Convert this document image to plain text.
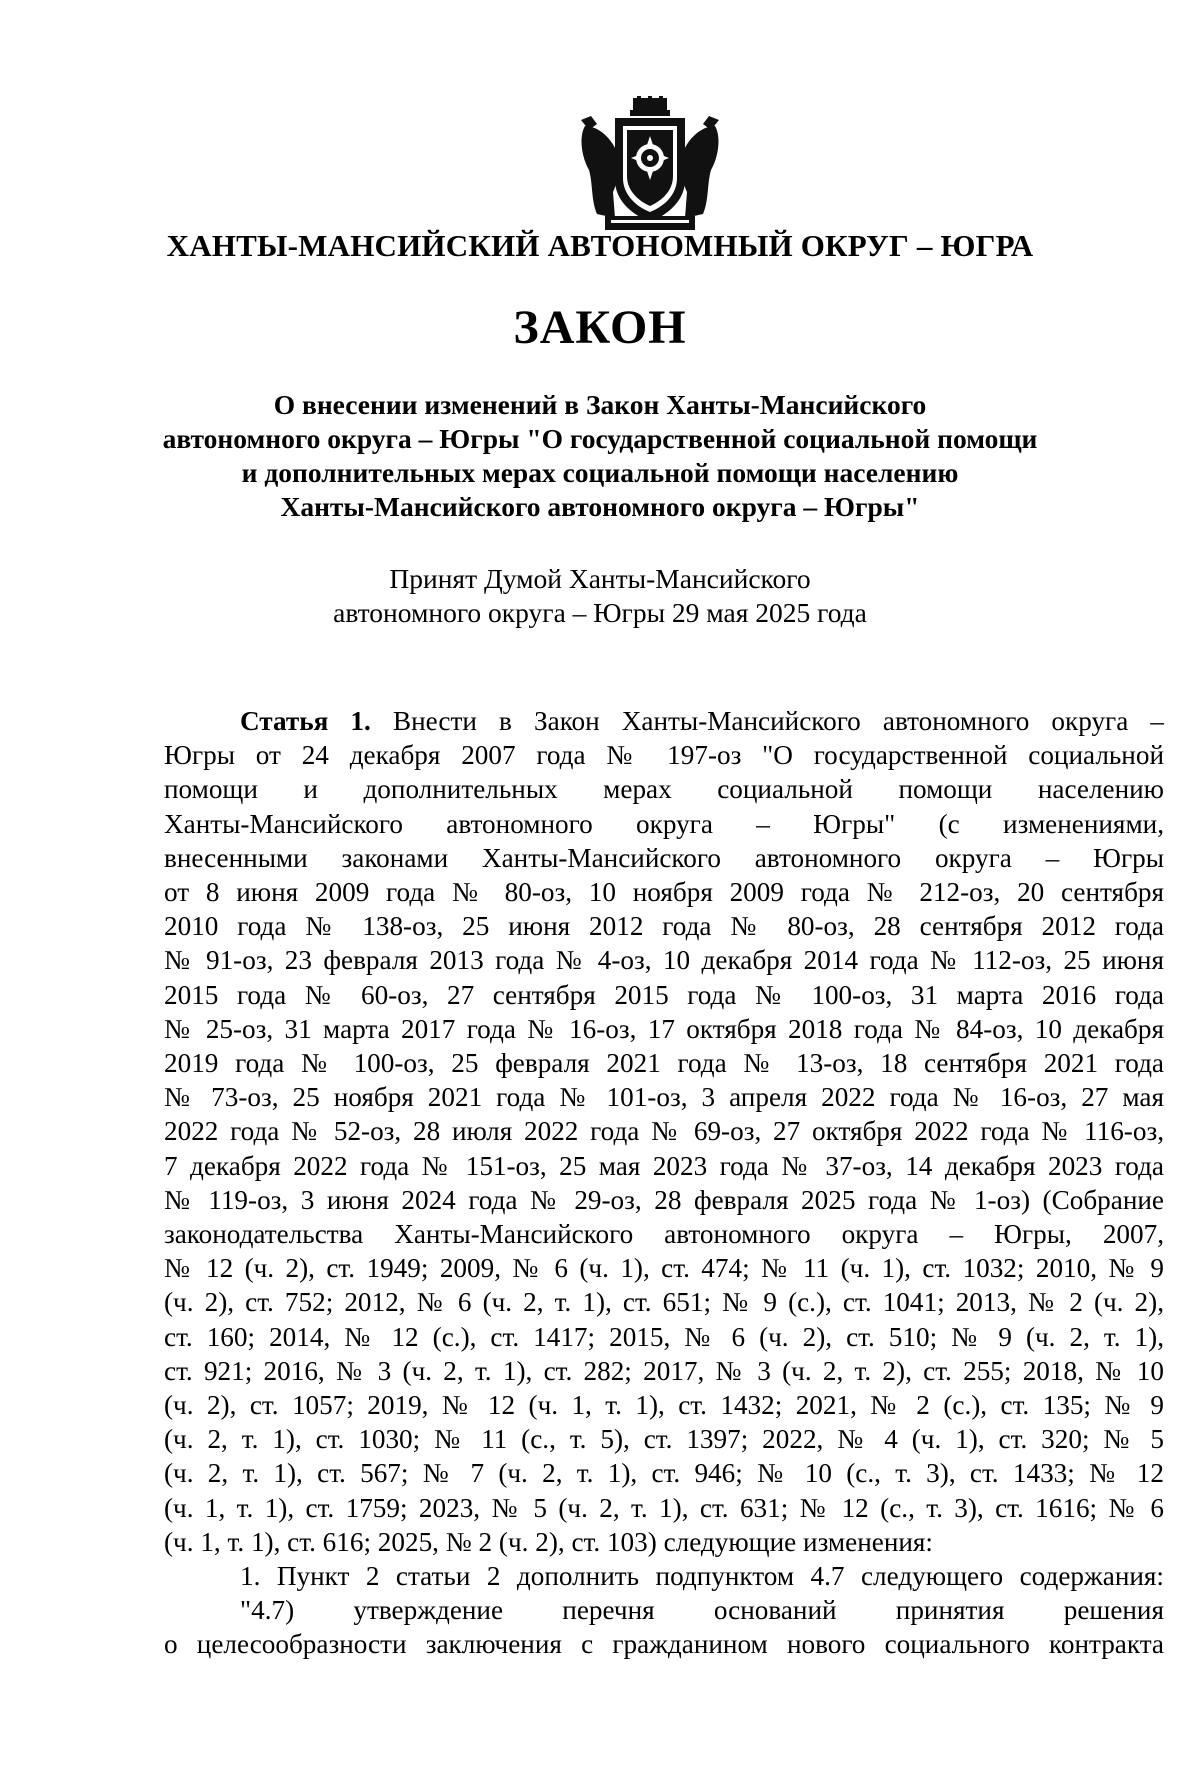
ХАНТЫ-МАНСИЙСКИЙ АВТОНОМНЫЙ ОКРУГ – ЮГРА
ЗАКОН
О внесении изменений в Закон Ханты-Мансийского
автономного округа – Югры "О государственной социальной помощи
и дополнительных мерах социальной помощи населению
Ханты-Мансийского автономного округа – Югры"
Принят Думой Ханты-Мансийского
автономного округа – Югры 29 мая 2025 года
Статья 1. Внести в Закон Ханты-Мансийского автономного округа –
Югры от 24 декабря 2007 года № 197-оз "О государственной социальной
помощи и дополнительных мерах социальной помощи населению
Ханты-Мансийского автономного округа – Югры" (с изменениями,
внесенными законами Ханты-Мансийского автономного округа – Югры
от 8 июня 2009 года № 80-оз, 10 ноября 2009 года № 212-оз, 20 сентября
2010 года № 138-оз, 25 июня 2012 года № 80-оз, 28 сентября 2012 года
№ 91-оз, 23 февраля 2013 года № 4-оз, 10 декабря 2014 года № 112-оз, 25 июня
2015 года № 60-оз, 27 сентября 2015 года № 100-оз, 31 марта 2016 года
№ 25-оз, 31 марта 2017 года № 16-оз, 17 октября 2018 года № 84-оз, 10 декабря
2019 года № 100-оз, 25 февраля 2021 года № 13-оз, 18 сентября 2021 года
№ 73-оз, 25 ноября 2021 года № 101-оз, 3 апреля 2022 года № 16-оз, 27 мая
2022 года № 52-оз, 28 июля 2022 года № 69-оз, 27 октября 2022 года № 116-оз,
7 декабря 2022 года № 151-оз, 25 мая 2023 года № 37-оз, 14 декабря 2023 года
№ 119-оз, 3 июня 2024 года № 29-оз, 28 февраля 2025 года № 1-оз) (Собрание
законодательства Ханты-Мансийского автономного округа – Югры, 2007,
№ 12 (ч. 2), ст. 1949; 2009, № 6 (ч. 1), ст. 474; № 11 (ч. 1), ст. 1032; 2010, № 9
(ч. 2), ст. 752; 2012, № 6 (ч. 2, т. 1), ст. 651; № 9 (с.), ст. 1041; 2013, № 2 (ч. 2),
ст. 160; 2014, № 12 (с.), ст. 1417; 2015, № 6 (ч. 2), ст. 510; № 9 (ч. 2, т. 1),
ст. 921; 2016, № 3 (ч. 2, т. 1), ст. 282; 2017, № 3 (ч. 2, т. 2), ст. 255; 2018, № 10
(ч. 2), ст. 1057; 2019, № 12 (ч. 1, т. 1), ст. 1432; 2021, № 2 (с.), ст. 135; № 9
(ч. 2, т. 1), ст. 1030; № 11 (с., т. 5), ст. 1397; 2022, № 4 (ч. 1), ст. 320; № 5
(ч. 2, т. 1), ст. 567; № 7 (ч. 2, т. 1), ст. 946; № 10 (с., т. 3), ст. 1433; № 12
(ч. 1, т. 1), ст. 1759; 2023, № 5 (ч. 2, т. 1), ст. 631; № 12 (с., т. 3), ст. 1616; № 6
(ч. 1, т. 1), ст. 616; 2025, № 2 (ч. 2), ст. 103) следующие изменения:
1. Пункт 2 статьи 2 дополнить подпунктом 4.7 следующего содержания:
"4.7) утверждение перечня оснований принятия решения
о целесообразности заключения с гражданином нового социального контракта
